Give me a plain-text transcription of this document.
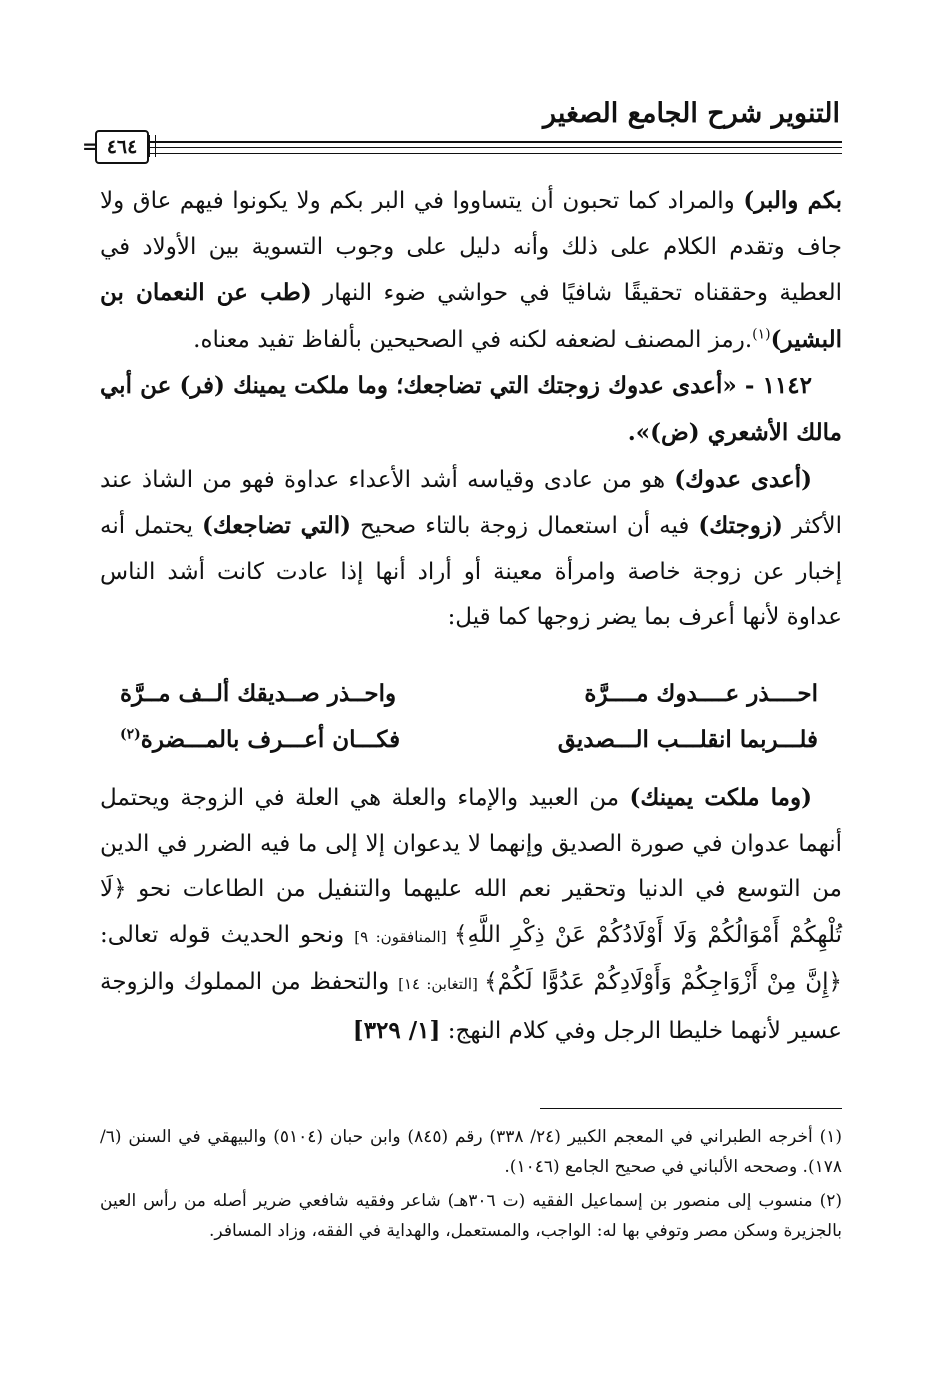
التنوير شرح الجامع الصغير
٤٦٤
=

بكم والبر) والمراد كما تحبون أن يتساووا في البر بكم ولا يكونوا فيهم عاق ولا جاف وتقدم الكلام على ذلك وأنه دليل على وجوب التسوية بين الأولاد في العطية وحققناه تحقيقًا شافيًا في حواشي ضوء النهار (طب عن النعمان بن البشير)$^{(١)}$.رمز المصنف لضعفه لكنه في الصحيحين بألفاظ تفيد معناه.

١١٤٢ - «أعدى عدوك زوجتك التي تضاجعك؛ وما ملكت يمينك (فر) عن أبي مالك الأشعري (ض)».

(أعدى عدوك) هو من عادى وقياسه أشد الأعداء عداوة فهو من الشاذ عند الأكثر (زوجتك) فيه أن استعمال زوجة بالتاء صحيح (التي تضاجعك) يحتمل أنه إخبار عن زوجة خاصة وامرأة معينة أو أراد أنها إذا عادت كانت أشد الناس عداوة لأنها أعرف بما يضر زوجها كما قيل:

احــــذر عــــدوك مــــرَّة
واحــذر صــديقك ألــف مــرَّة
فلـــربما انقلـــب الـــصديق
فكـــان أعـــرف بالمـــضرة$^{(٢)}$

(وما ملكت يمينك) من العبيد والإماء والعلة هي العلة في الزوجة ويحتمل أنهما عدوان في صورة الصديق وإنهما لا يدعوان إلا إلى ما فيه الضرر في الدين من التوسع في الدنيا وتحقير نعم الله عليهما والتنفيل من الطاعات نحو ﴿لَا تُلْهِكُمْ أَمْوَالُكُمْ وَلَا أَوْلَادُكُمْ عَنْ ذِكْرِ اللَّهِ﴾ [المنافقون: ٩] ونحو الحديث قوله تعالى: ﴿إِنَّ مِنْ أَزْوَاجِكُمْ وَأَوْلَادِكُمْ عَدُوًّا لَكُمْ﴾ [التغابن: ١٤] والتحفظ من المملوك والزوجة عسير لأنهما خليطا الرجل وفي كلام النهج: [١/ ٣٢٩]

(١) أخرجه الطبراني في المعجم الكبير (٢٤/ ٣٣٨) رقم (٨٤٥) وابن حبان (٥١٠٤) والبيهقي في السنن (٦/ ١٧٨). وصححه الألباني في صحيح الجامع (١٠٤٦).

(٢) منسوب إلى منصور بن إسماعيل الفقيه (ت ٣٠٦هـ) شاعر وفقيه شافعي ضرير أصله من رأس العين بالجزيرة وسكن مصر وتوفي بها له: الواجب، والمستعمل، والهداية في الفقه، وزاد المسافر.
